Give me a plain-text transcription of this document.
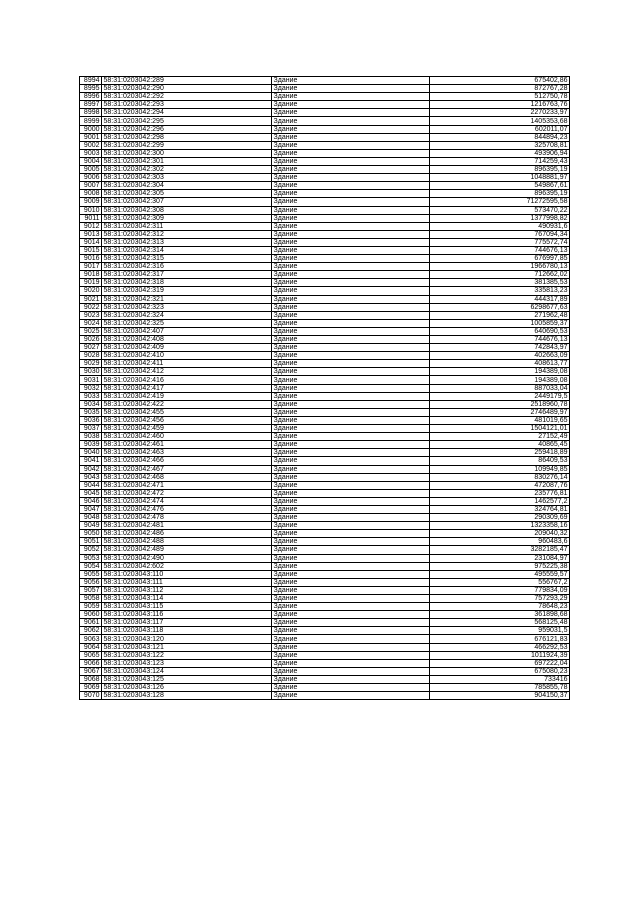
8994	58:31:0203042:289	Здание	675402,86
8995	58:31:0203042:290	Здание	872767,28
8996	58:31:0203042:292	Здание	512750,78
8997	58:31:0203042:293	Здание	1216763,76
8998	58:31:0203042:294	Здание	2270233,97
8999	58:31:0203042:295	Здание	1405353,68
9000	58:31:0203042:296	Здание	602011,07
9001	58:31:0203042:298	Здание	844894,23
9002	58:31:0203042:299	Здание	325708,81
9003	58:31:0203042:300	Здание	493906,94
9004	58:31:0203042:301	Здание	714259,43
9005	58:31:0203042:302	Здание	896395,19
9006	58:31:0203042:303	Здание	1048881,97
9007	58:31:0203042:304	Здание	549867,61
9008	58:31:0203042:305	Здание	896395,19
9009	58:31:0203042:307	Здание	71272595,58
9010	58:31:0203042:308	Здание	573470,22
9011	58:31:0203042:309	Здание	1377998,82
9012	58:31:0203042:311	Здание	490931,6
9013	58:31:0203042:312	Здание	767094,34
9014	58:31:0203042:313	Здание	775572,74
9015	58:31:0203042:314	Здание	744676,13
9016	58:31:0203042:315	Здание	676997,85
9017	58:31:0203042:316	Здание	1966780,13
9018	58:31:0203042:317	Здание	712662,02
9019	58:31:0203042:318	Здание	381385,53
9020	58:31:0203042:319	Здание	335813,23
9021	58:31:0203042:321	Здание	444317,89
9022	58:31:0203042:323	Здание	6298677,63
9023	58:31:0203042:324	Здание	271962,48
9024	58:31:0203042:325	Здание	1005859,37
9025	58:31:0203042:407	Здание	640690,53
9026	58:31:0203042:408	Здание	744676,13
9027	58:31:0203042:409	Здание	742843,97
9028	58:31:0203042:410	Здание	402663,09
9029	58:31:0203042:411	Здание	408613,77
9030	58:31:0203042:412	Здание	194389,08
9031	58:31:0203042:416	Здание	194389,08
9032	58:31:0203042:417	Здание	887033,04
9033	58:31:0203042:419	Здание	2449179,5
9034	58:31:0203042:422	Здание	2518960,78
9035	58:31:0203042:455	Здание	2746489,97
9036	58:31:0203042:456	Здание	481019,65
9037	58:31:0203042:459	Здание	1504121,01
9038	58:31:0203042:460	Здание	27152,49
9039	58:31:0203042:461	Здание	40865,45
9040	58:31:0203042:463	Здание	259418,89
9041	58:31:0203042:466	Здание	86409,53
9042	58:31:0203042:467	Здание	109949,85
9043	58:31:0203042:468	Здание	830276,14
9044	58:31:0203042:471	Здание	472087,76
9045	58:31:0203042:472	Здание	235776,81
9046	58:31:0203042:474	Здание	1462577,2
9047	58:31:0203042:476	Здание	324764,81
9048	58:31:0203042:478	Здание	290309,69
9049	58:31:0203042:481	Здание	1323358,16
9050	58:31:0203042:486	Здание	209040,32
9051	58:31:0203042:488	Здание	960483,6
9052	58:31:0203042:489	Здание	3282185,47
9053	58:31:0203042:490	Здание	231084,97
9054	58:31:0203042:602	Здание	975225,38
9055	58:31:0203043:110	Здание	495559,57
9056	58:31:0203043:111	Здание	556767,2
9057	58:31:0203043:112	Здание	779834,09
9058	58:31:0203043:114	Здание	757293,29
9059	58:31:0203043:115	Здание	78648,23
9060	58:31:0203043:116	Здание	361898,68
9061	58:31:0203043:117	Здание	568125,48
9062	58:31:0203043:118	Здание	959031,5
9063	58:31:0203043:120	Здание	676121,83
9064	58:31:0203043:121	Здание	466292,53
9065	58:31:0203043:122	Здание	1011924,39
9066	58:31:0203043:123	Здание	697222,04
9067	58:31:0203043:124	Здание	675080,23
9068	58:31:0203043:125	Здание	733416
9069	58:31:0203043:126	Здание	785855,78
9070	58:31:0203043:128	Здание	904150,37
